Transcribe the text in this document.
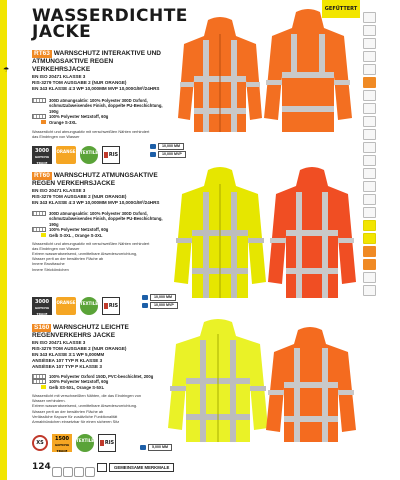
☂
WASSERDICHTE
JACKE
GEFÜTTERT
RT63 WARNSCHUTZ INTERAKTIVE UND
ATMUNGSAKTIVE REGEN VERKEHRSJACKE
EN ISO 20471 KLASSE 3
RIS-3279 TOM AUSGABE 2 (NUR ORANGE)
EN 343 KLASSE 4:3 WP 10,000MM MVP 10,000G/M²/24HRS
300D atmungsaktiv: 100% Polyester 300D Oxford,
schmutzabweisendes Finish, doppelte PU-Beschichtung,
190g
100% Polyester Netzstoff, 60g
Orange S-3XL
Wasserdicht und atmungsaktiv mit verschweißten Nähten verhindert
das Eindringen von Wasser
3000
GOTCHA TRACE
ORANGE TEXTILE	RIS
10,000 MM
10,000 MVP
RT60 WARNSCHUTZ ATMUNGSAKTIVE
REGEN VERKEHRSJACKE
EN ISO 20471 KLASSE 3
RIS-3279 TOM AUSGABE 2 (NUR ORANGE)
EN 343 KLASSE 4:3 WP 10,000MM MVP 10,000G/M²/24HRS
300D atmungsaktiv: 100% Polyester 300D Oxford,
schmutzabweisendes Finish, doppelte PU-Beschichtung,
190g
100% Polyester Netzstoff, 60g
Gelb S-3XL , Orange S-3XL
Wasserdicht und atmungsaktiv mit verschweißten Nähten verhindert
das Eindringen von Wasser
Extrem wasserabweisend, unmittelbare Abwedesvorrichtung,
Wasser perlt an der bewährten Fläche ab
Innere Brusttasche
Innere Stricköndchen
3000
GOTCHA TRACE
ORANGE TEXTILE	RIS
10,000 MM
10,000 MVP
S160 WARNSCHUTZ LEICHTE
REGENVERKEHRS JACKE
EN ISO 20471 KLASSE 3
RIS-3279 TOM AUSGABE 2 (NUR ORANGE)
EN 343 KLASSE 3:1 WP 5,000MM
ANSI/ISEA 107 TYP R KLASSE 3
ANSI/ISEA 107 TYP P KLASSE 3
100% Polyester Oxford 150D, PVC-beschichtet, 200g
100% Polyester Netzstoff, 60g
Gelb XS-5XL, Orange S-5XL
Wasserdicht mit verschweißten Nähten, die das Eindringen von
Wasser verhindern.
Extrem wasserabweisend, unmittelbare Abwedesvorrichtung.
Wasser perlt an der bewährten Fläche ab
Verlässliche Kapuze für zusätzliche Funktionalität
Armabbündchen einsetzbar für einen sicheren Sitz
XS
1500
GOTCHA TRACE
TEXTILE	RIS
5,000 MM
124	GEMEINSAME MERKMALE
